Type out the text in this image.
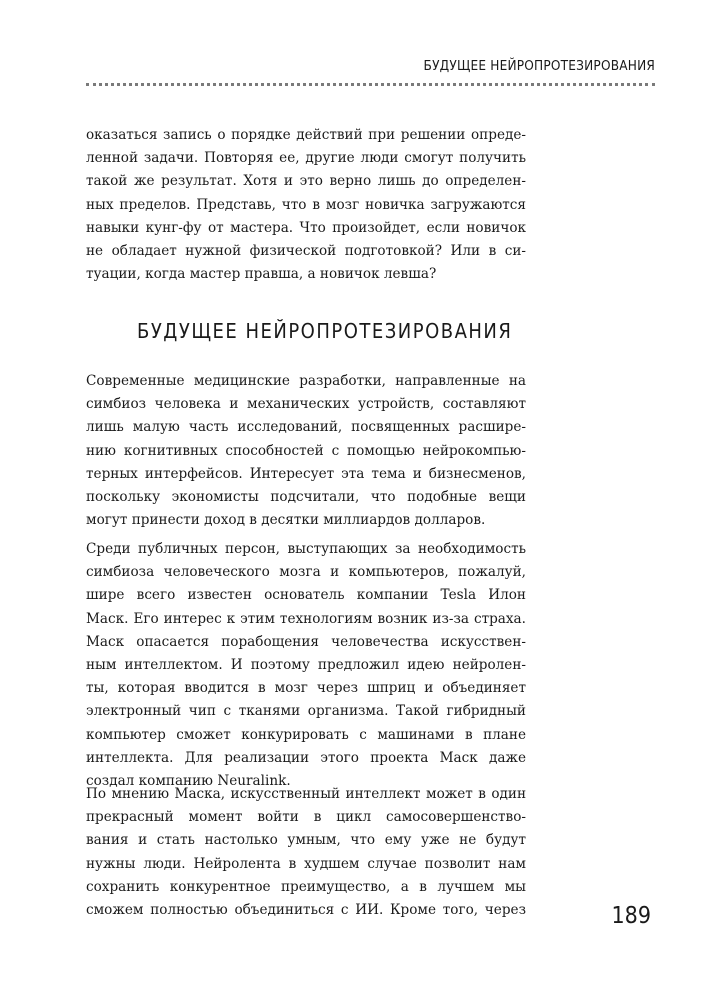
БУДУЩЕЕ НЕЙРОПРОТЕЗИРОВАНИЯ

оказаться запись о порядке действий при решении опреде-
ленной задачи. Повторяя ее, другие люди смогут получить
такой же результат. Хотя и это верно лишь до определен-
ных пределов. Представь, что в мозг новичка загружаются
навыки кунг-фу от мастера. Что произойдет, если новичок
не обладает нужной физической подготовкой? Или в си-
туации, когда мастер правша, а новичок левша?

БУДУЩЕЕ НЕЙРОПРОТЕЗИРОВАНИЯ

Современные медицинские разработки, направленные на
симбиоз человека и механических устройств, составляют
лишь малую часть исследований, посвященных расшире-
нию когнитивных способностей с помощью нейрокомпью-
терных интерфейсов. Интересует эта тема и бизнесменов,
поскольку экономисты подсчитали, что подобные вещи
могут принести доход в десятки миллиардов долларов.

Среди публичных персон, выступающих за необходимость
симбиоза человеческого мозга и компьютеров, пожалуй,
шире всего известен основатель компании Tesla Илон
Маск. Его интерес к этим технологиям возник из-за страха.
Маск опасается порабощения человечества искусствен-
ным интеллектом. И поэтому предложил идею нейролен-
ты, которая вводится в мозг через шприц и объединяет
электронный чип с тканями организма. Такой гибридный
компьютер сможет конкурировать с машинами в плане
интеллекта. Для реализации этого проекта Маск даже
создал компанию Neuralink.

По мнению Маска, искусственный интеллект может в один
прекрасный момент войти в цикл самосовершенство-
вания и стать настолько умным, что ему уже не будут
нужны люди. Нейролента в худшем случае позволит нам
сохранить конкурентное преимущество, а в лучшем мы
сможем полностью объединиться с ИИ. Кроме того, через	189
